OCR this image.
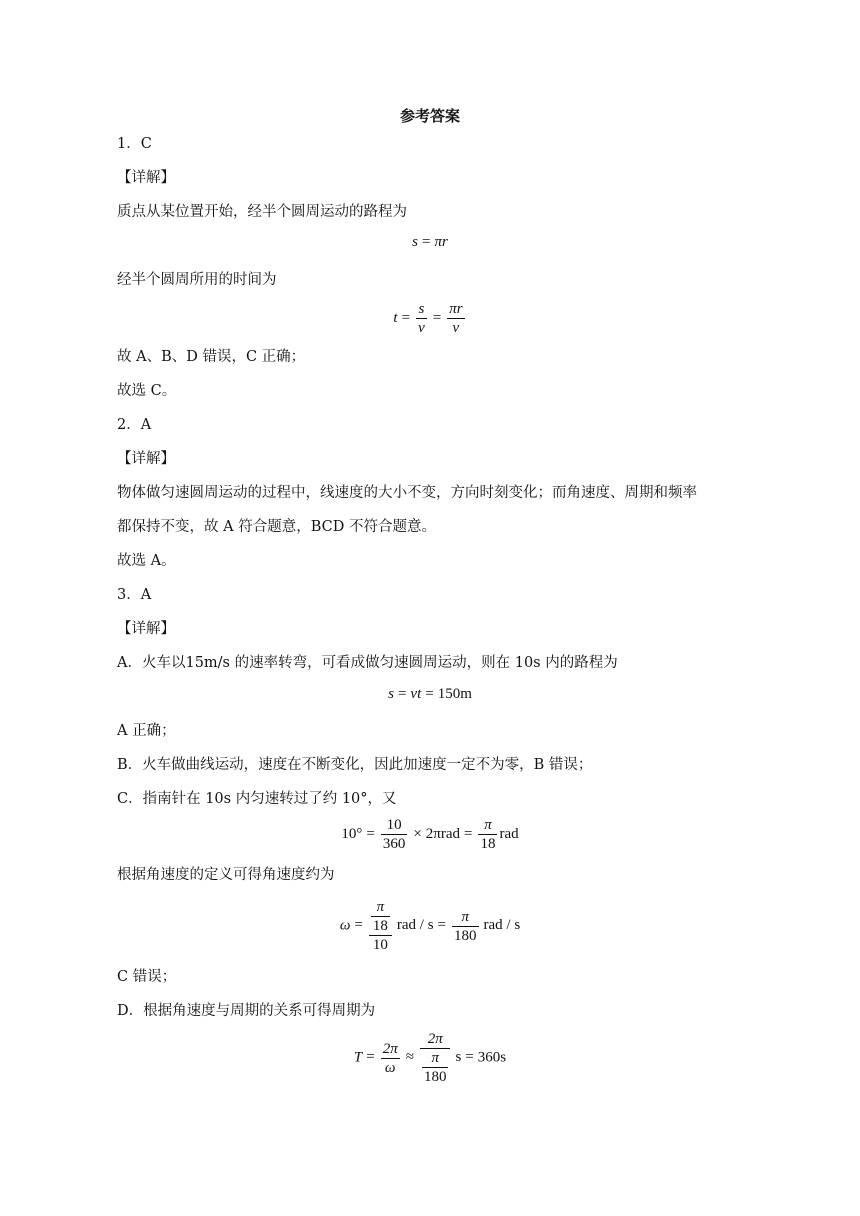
参考答案
1．C
【详解】
质点从某位置开始，经半个圆周运动的路程为
s = πr
经半个圆周所用的时间为
$t = \frac{s}{v} = \frac{\pi r}{v}$
故 A、B、D 错误，C 正确；
故选 C。
2．A
【详解】
物体做匀速圆周运动的过程中，线速度的大小不变，方向时刻变化；而角速度、周期和频率
都保持不变，故 A 符合题意，BCD 不符合题意。
故选 A。
3．A
【详解】
A．火车以15m/s 的速率转弯，可看成做匀速圆周运动，则在 10s 内的路程为
s = vt = 150m
A 正确；
B．火车做曲线运动，速度在不断变化，因此加速度一定不为零，B 错误；
C．指南针在 10s 内匀速转过了约 10°，又
$10^\circ = \frac{10}{360} \times 2\pi rad = \frac{\pi}{18}$ rad
根据角速度的定义可得角速度约为
$\omega = \frac{\frac{\pi}{18}}{10}$ rad / $s = \frac{\pi}{180}$ rad / s
C 错误；
D．根据角速度与周期的关系可得周期为
$T = \frac{2\pi}{\omega} \approx \frac{2\pi}{\frac{\pi}{180}}$ s = 360s
